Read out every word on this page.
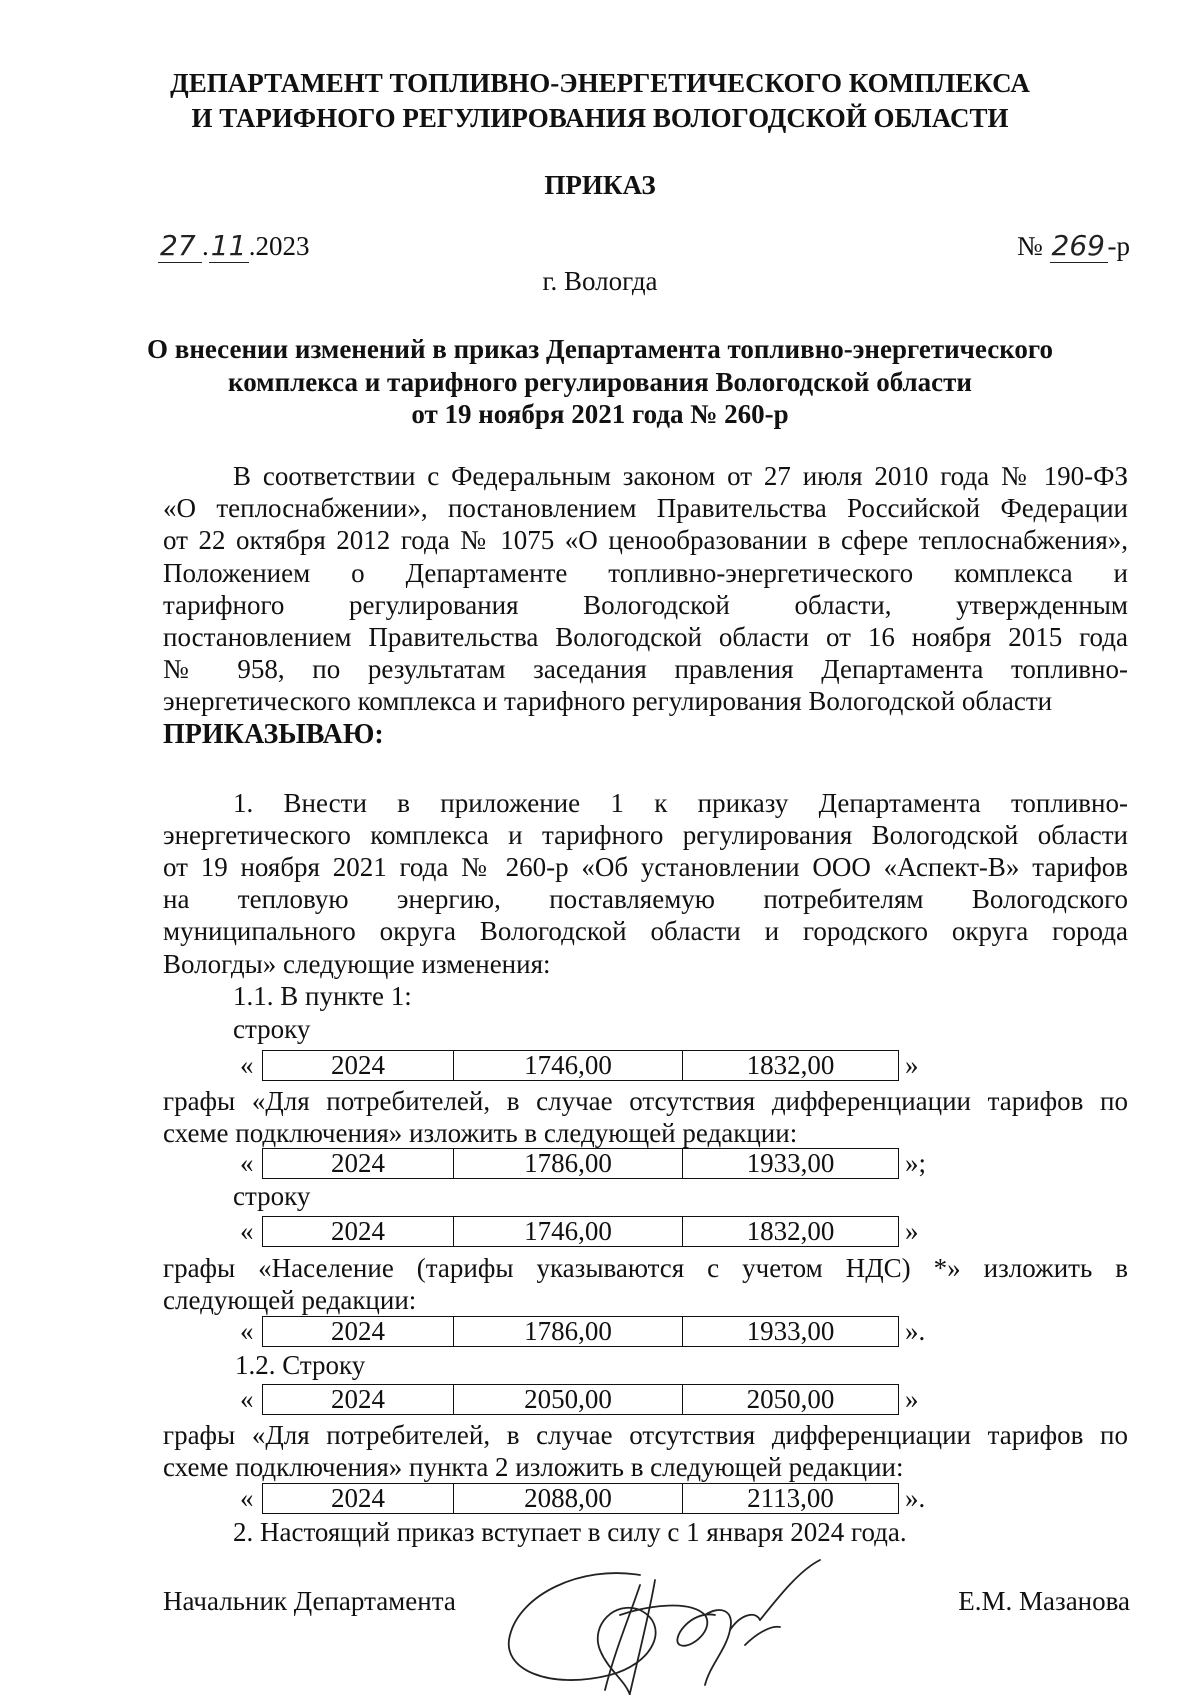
ДЕПАРТАМЕНТ ТОПЛИВНО-ЭНЕРГЕТИЧЕСКОГО КОМПЛЕКСА
И ТАРИФНОГО РЕГУЛИРОВАНИЯ ВОЛОГОДСКОЙ ОБЛАСТИ
ПРИКАЗ
27 .11.2023	№ 269-р
г. Вологда
О внесении изменений в приказ Департамента топливно-энергетического
комплекса и тарифного регулирования Вологодской области
от 19 ноября 2021 года № 260-р
В соответствии с Федеральным законом от 27 июля 2010 года № 190-ФЗ
«О теплоснабжении», постановлением Правительства Российской Федерации
от 22 октября 2012 года № 1075 «О ценообразовании в сфере теплоснабжения»,
Положением о Департаменте топливно-энергетического комплекса и
тарифного регулирования Вологодской области, утвержденным
постановлением Правительства Вологодской области от 16 ноября 2015 года
№ 958, по результатам заседания правления Департамента топливно-
энергетического комплекса и тарифного регулирования Вологодской области
ПРИКАЗЫВАЮ:
1. Внести в приложение 1 к приказу Департамента топливно-
энергетического комплекса и тарифного регулирования Вологодской области
от 19 ноября 2021 года № 260-р «Об установлении ООО «Аспект-В» тарифов
на тепловую энергию, поставляемую потребителям Вологодского
муниципального округа Вологодской области и городского округа города
Вологды» следующие изменения:
1.1. В пункте 1:
строку
«	2024	1746,00	1832,00	»
графы «Для потребителей, в случае отсутствия дифференциации тарифов по
схеме подключения» изложить в следующей редакции:
«	2024	1786,00	1933,00	»;
строку
«	2024	1746,00	1832,00	»
графы «Население (тарифы указываются с учетом НДС) *» изложить в
следующей редакции:
«	2024	1786,00	1933,00	».
1.2. Строку
«	2024	2050,00	2050,00	»
графы «Для потребителей, в случае отсутствия дифференциации тарифов по
схеме подключения» пункта 2 изложить в следующей редакции:
«	2024	2088,00	2113,00	».
2. Настоящий приказ вступает в силу с 1 января 2024 года.
Начальник Департамента	Е.М. Мазанова
